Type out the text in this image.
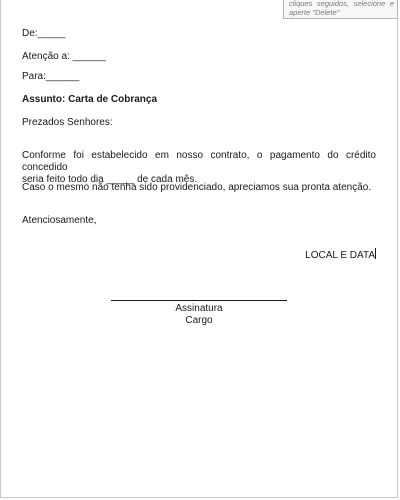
cliques seguidos, selecione e
aperte "Delete"

De:_____

Atenção a: ______

Para:______

Assunto: Carta de Cobrança

Prezados Senhores:

Conforme foi estabelecido em nosso contrato, o pagamento do crédito concedido
seria feito todo dia _____ de cada mês.

Caso o mesmo não tenha sido providenciado, apreciamos sua pronta atenção.

Atenciosamente,

LOCAL E DATA
Assinatura
Cargo
